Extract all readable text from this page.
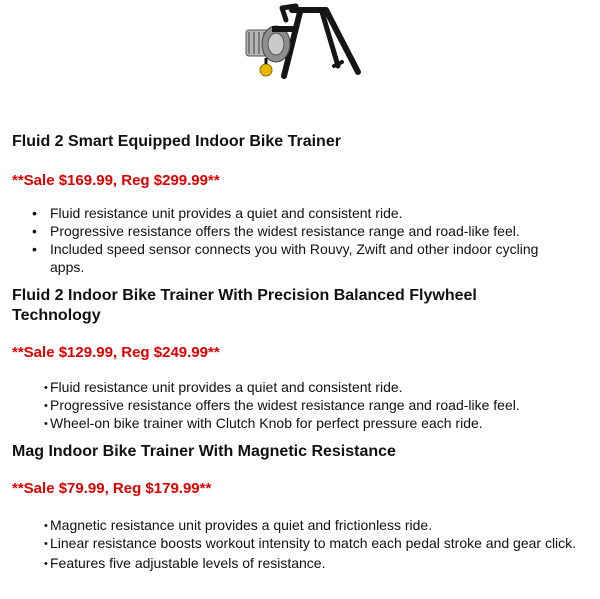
Fluid 2 Smart Equipped Indoor Bike Trainer

**Sale $169.99, Reg $299.99**

• Fluid resistance unit provides a quiet and consistent ride.
• Progressive resistance offers the widest resistance range and road-like feel.
• Included speed sensor connects you with Rouvy, Zwift and other indoor cycling apps.
Fluid 2 Indoor Bike Trainer With Precision Balanced Flywheel Technology

**Sale $129.99, Reg $249.99**

• Fluid resistance unit provides a quiet and consistent ride.
• Progressive resistance offers the widest resistance range and road-like feel.
• Wheel-on bike trainer with Clutch Knob for perfect pressure each ride.
Mag Indoor Bike Trainer With Magnetic Resistance

**Sale $79.99, Reg $179.99**

• Magnetic resistance unit provides a quiet and frictionless ride.
• Linear resistance boosts workout intensity to match each pedal stroke and gear click.
• Features five adjustable levels of resistance.
